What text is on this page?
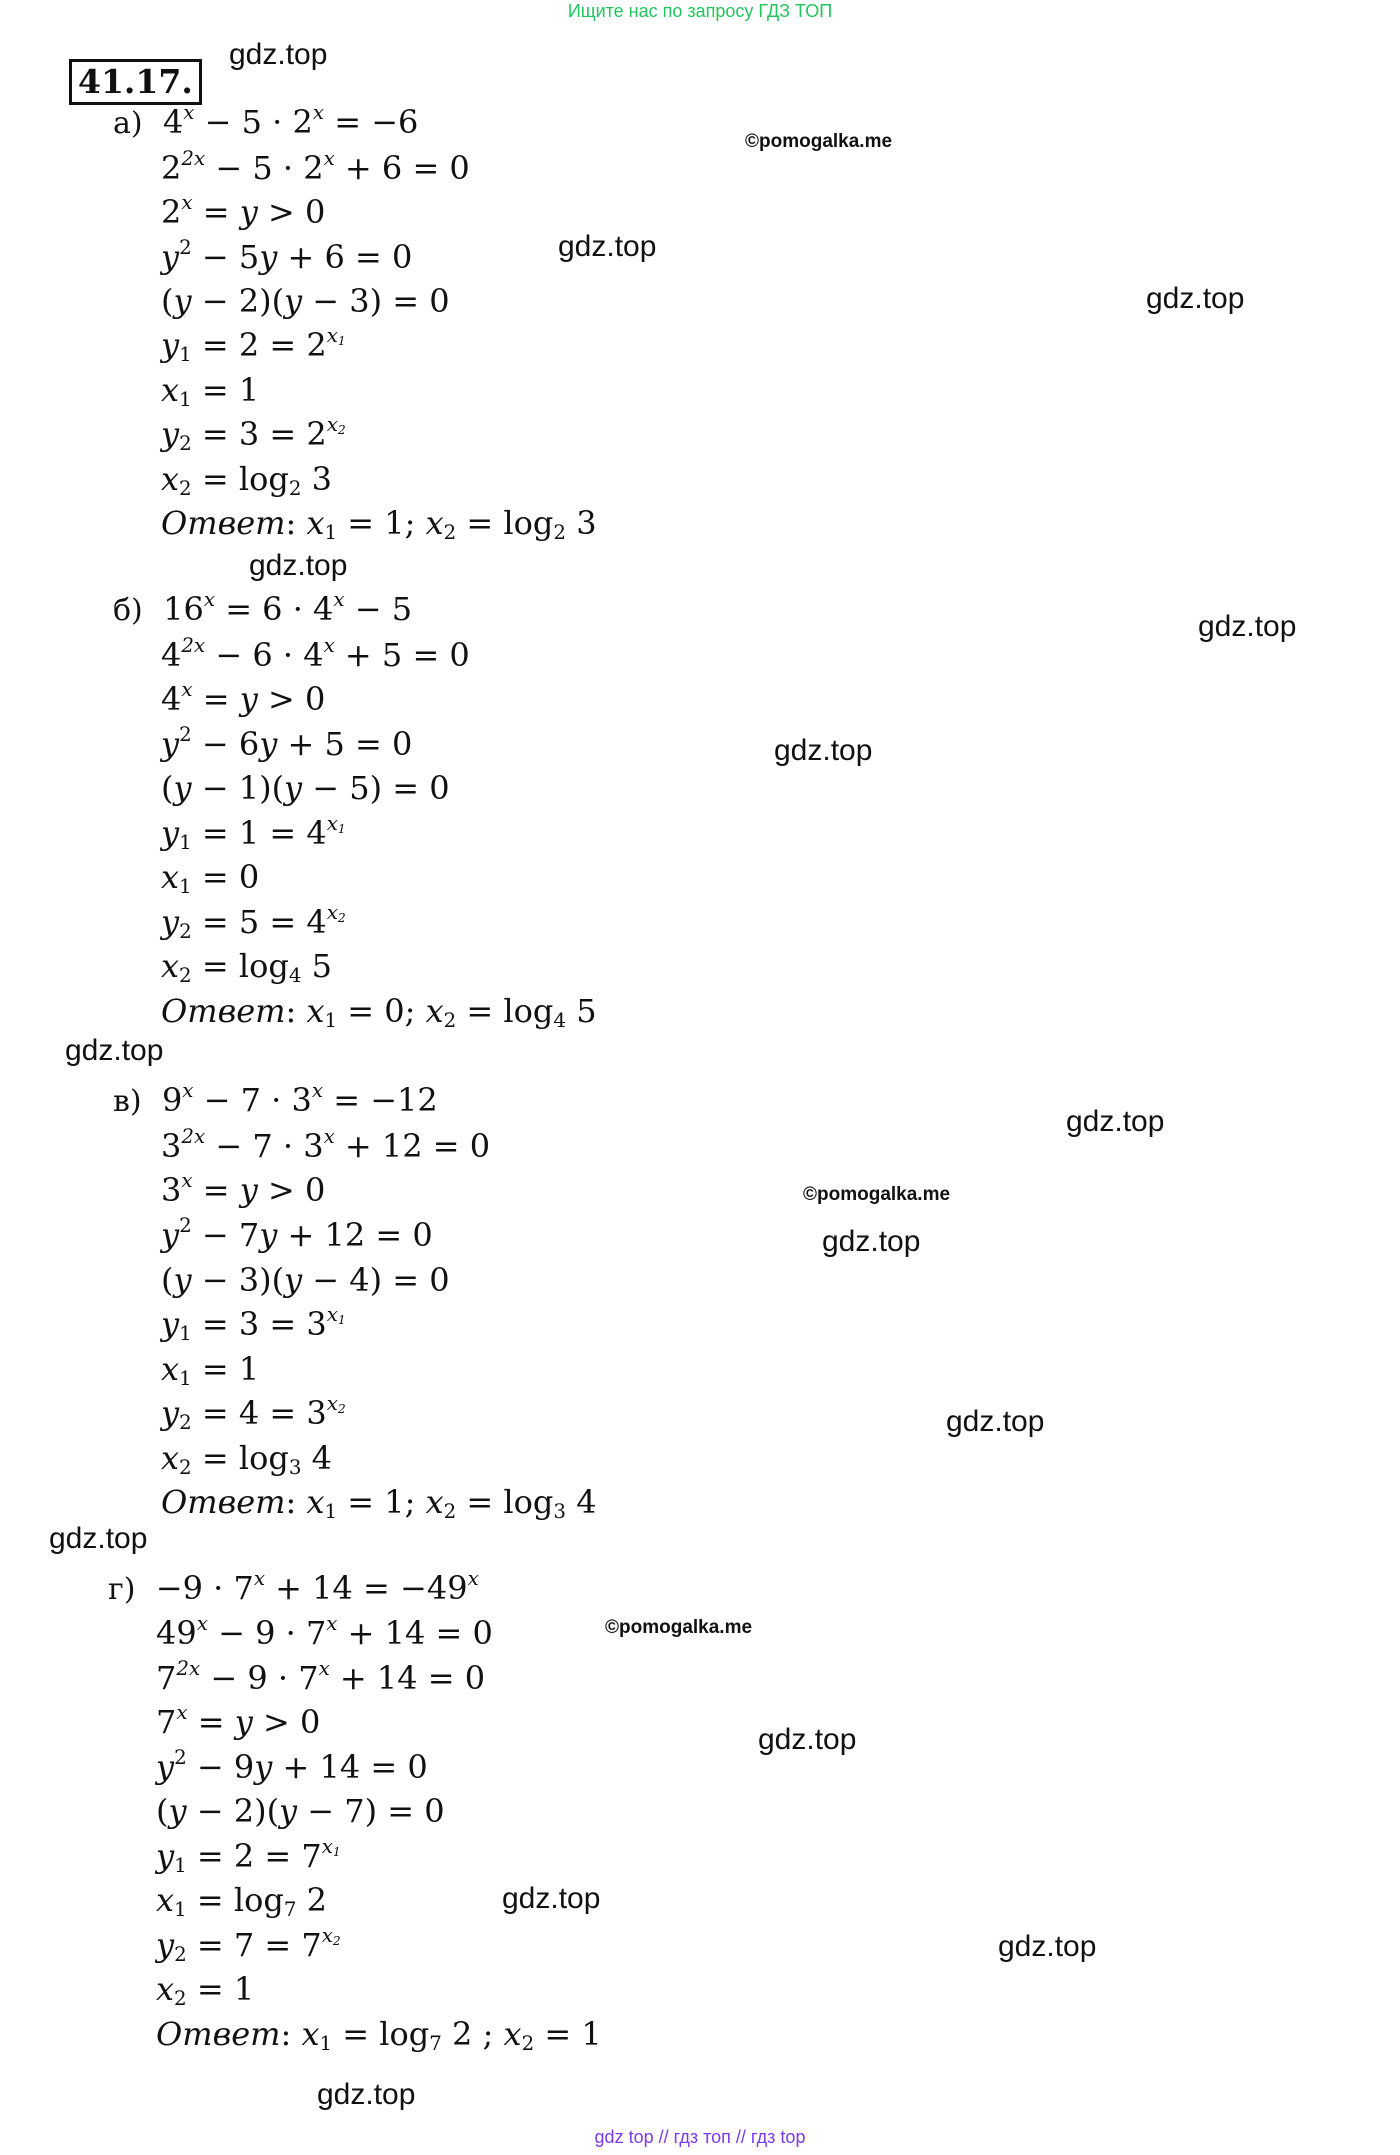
Ищите нас по запросу ГДЗ ТОП
41.17.
а)  $4^x - 5 \cdot 2^x = -6$
$2^{2x} - 5 \cdot 2^x + 6 = 0$
$2^x = y > 0$
$y^2 - 5y + 6 = 0$
(y − 2)(y − 3) = 0
$y_1 = 2 = 2^{x_1}$
$x_1 = 1$
$y_2 = 3 = 2^{x_2}$
$x_2 = \log_2 3$
Ответ: $x_1 = 1$; $x_2 = \log_2 3$
б)  $16^x = 6 \cdot 4^x - 5$
$4^{2x} - 6 \cdot 4^x + 5 = 0$
$4^x = y > 0$
$y^2 - 6y + 5 = 0$
(y − 1)(y − 5) = 0
$y_1 = 1 = 4^{x_1}$
$x_1 = 0$
$y_2 = 5 = 4^{x_2}$
$x_2 = \log_4 5$
Ответ: $x_1 = 0$; $x_2 = \log_4 5$
в)  $9^x - 7 \cdot 3^x = -12$
$3^{2x} - 7 \cdot 3^x + 12 = 0$
$3^x = y > 0$
$y^2 - 7y + 12 = 0$
(y − 3)(y − 4) = 0
$y_1 = 3 = 3^{x_1}$
$x_1 = 1$
$y_2 = 4 = 3^{x_2}$
$x_2 = \log_3 4$
Ответ: $x_1 = 1$; $x_2 = \log_3 4$
$г) -9 \cdot 7^x + 14 = -49^x$
$49^x - 9 \cdot 7^x + 14 = 0$
$7^{2x} - 9 \cdot 7^x + 14 = 0$
$7^x = y > 0$
$y^2 - 9y + 14 = 0$
(y − 2)(y − 7) = 0
$y_1 = 2 = 7^{x_1}$
$x_1 = \log_7 2$
$y_2 = 7 = 7^{x_2}$
$x_2 = 1$
Ответ: $x_1 = \log_7 2$ ; $x_2 = 1$
gdz.top
gdz.top
gdz.top
gdz.top
gdz.top
gdz.top
gdz.top
gdz.top
gdz.top
gdz.top
gdz.top
gdz.top
gdz.top
gdz.top
gdz.top
©pomogalka.me
©pomogalka.me
©pomogalka.me
gdz top // гдз топ // гдз top
